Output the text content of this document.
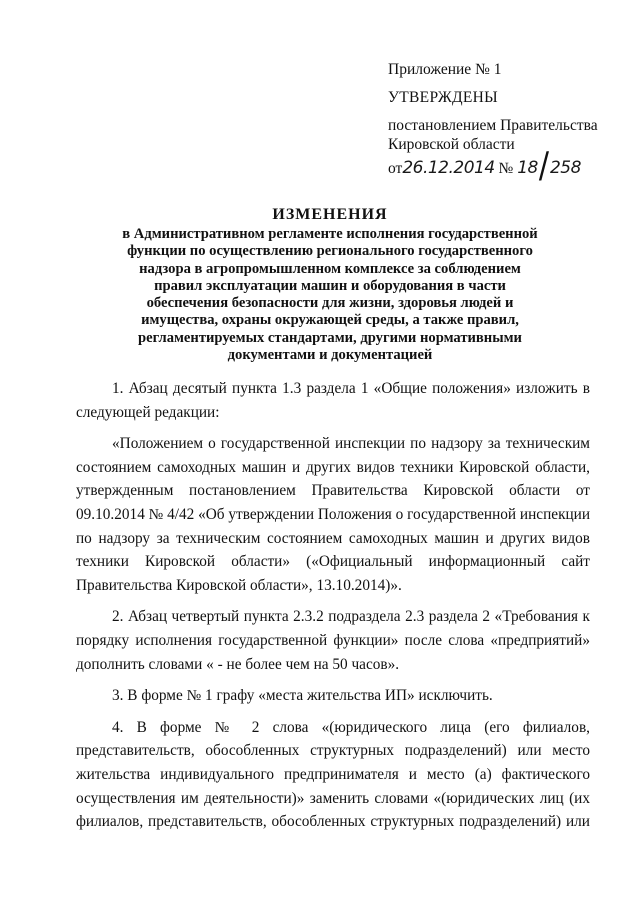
Приложение № 1
УТВЕРЖДЕНЫ
постановлением Правительства
Кировской области
от26.12.2014 № 18/258
ИЗМЕНЕНИЯ
в Административном регламенте исполнения государственной
функции по осуществлению регионального государственного
надзора в агропромышленном комплексе за соблюдением
правил эксплуатации машин и оборудования в части
обеспечения безопасности для жизни, здоровья людей и
имущества, охраны окружающей среды, а также правил,
регламентируемых стандартами, другими нормативными
документами и документацией
1. Абзац десятый пункта 1.3 раздела 1 «Общие положения» изложить в
следующей редакции:
«Положением о государственной инспекции по надзору за техническим
состоянием самоходных машин и других видов техники Кировской области,
утвержденным постановлением Правительства Кировской области от
09.10.2014 № 4/42 «Об утверждении Положения о государственной инспекции
по надзору за техническим состоянием самоходных машин и других видов
техники Кировской области» («Официальный информационный сайт
Правительства Кировской области», 13.10.2014)».
2. Абзац четвертый пункта 2.3.2 подраздела 2.3 раздела 2 «Требования к
порядку исполнения государственной функции» после слова «предприятий»
дополнить словами « - не более чем на 50 часов».
3. В форме № 1 графу «места жительства ИП» исключить.
4. В форме № 2 слова «(юридического лица (его филиалов,
представительств, обособленных структурных подразделений) или место
жительства индивидуального предпринимателя и место (а) фактического
осуществления им деятельности)» заменить словами «(юридических лиц (их
филиалов, представительств, обособленных структурных подразделений) или
